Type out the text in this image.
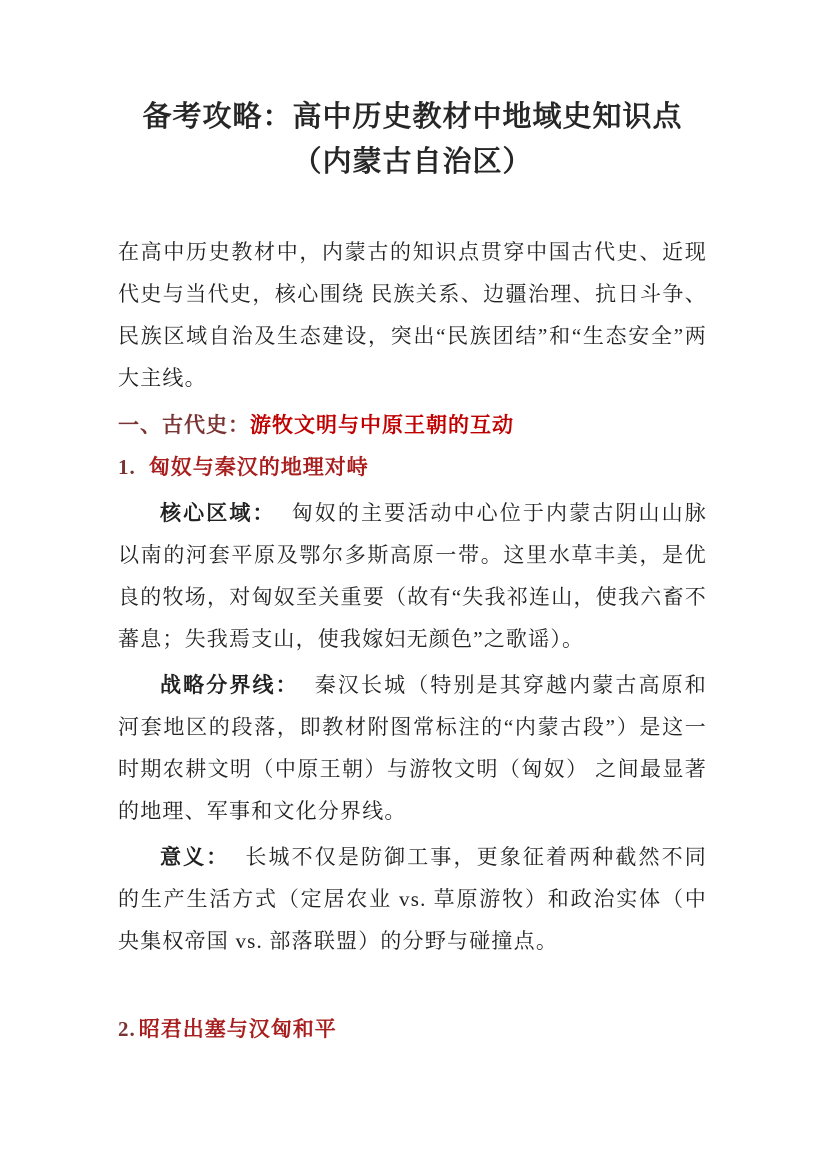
备考攻略：高中历史教材中地域史知识点
（内蒙古自治区）

在高中历史教材中，内蒙古的知识点贯穿中国古代史、近现代史与当代史，核心围绕 民族关系、边疆治理、抗日斗争、民族区域自治及生态建设，突出“民族团结”和“生态安全”两大主线。

一、古代史：游牧文明与中原王朝的互动
1. 匈奴与秦汉的地理对峙

核心区域： 匈奴的主要活动中心位于内蒙古阴山山脉以南的河套平原及鄂尔多斯高原一带。这里水草丰美，是优良的牧场，对匈奴至关重要（故有“失我祁连山，使我六畜不蕃息；失我焉支山，使我嫁妇无颜色”之歌谣）。

战略分界线： 秦汉长城（特别是其穿越内蒙古高原和河套地区的段落，即教材附图常标注的“内蒙古段”）是这一时期农耕文明（中原王朝）与游牧文明（匈奴） 之间最显著的地理、军事和文化分界线。

意义： 长城不仅是防御工事，更象征着两种截然不同的生产生活方式（定居农业 vs. 草原游牧）和政治实体（中央集权帝国 vs. 部落联盟）的分野与碰撞点。

2. 昭君出塞与汉匈和平
